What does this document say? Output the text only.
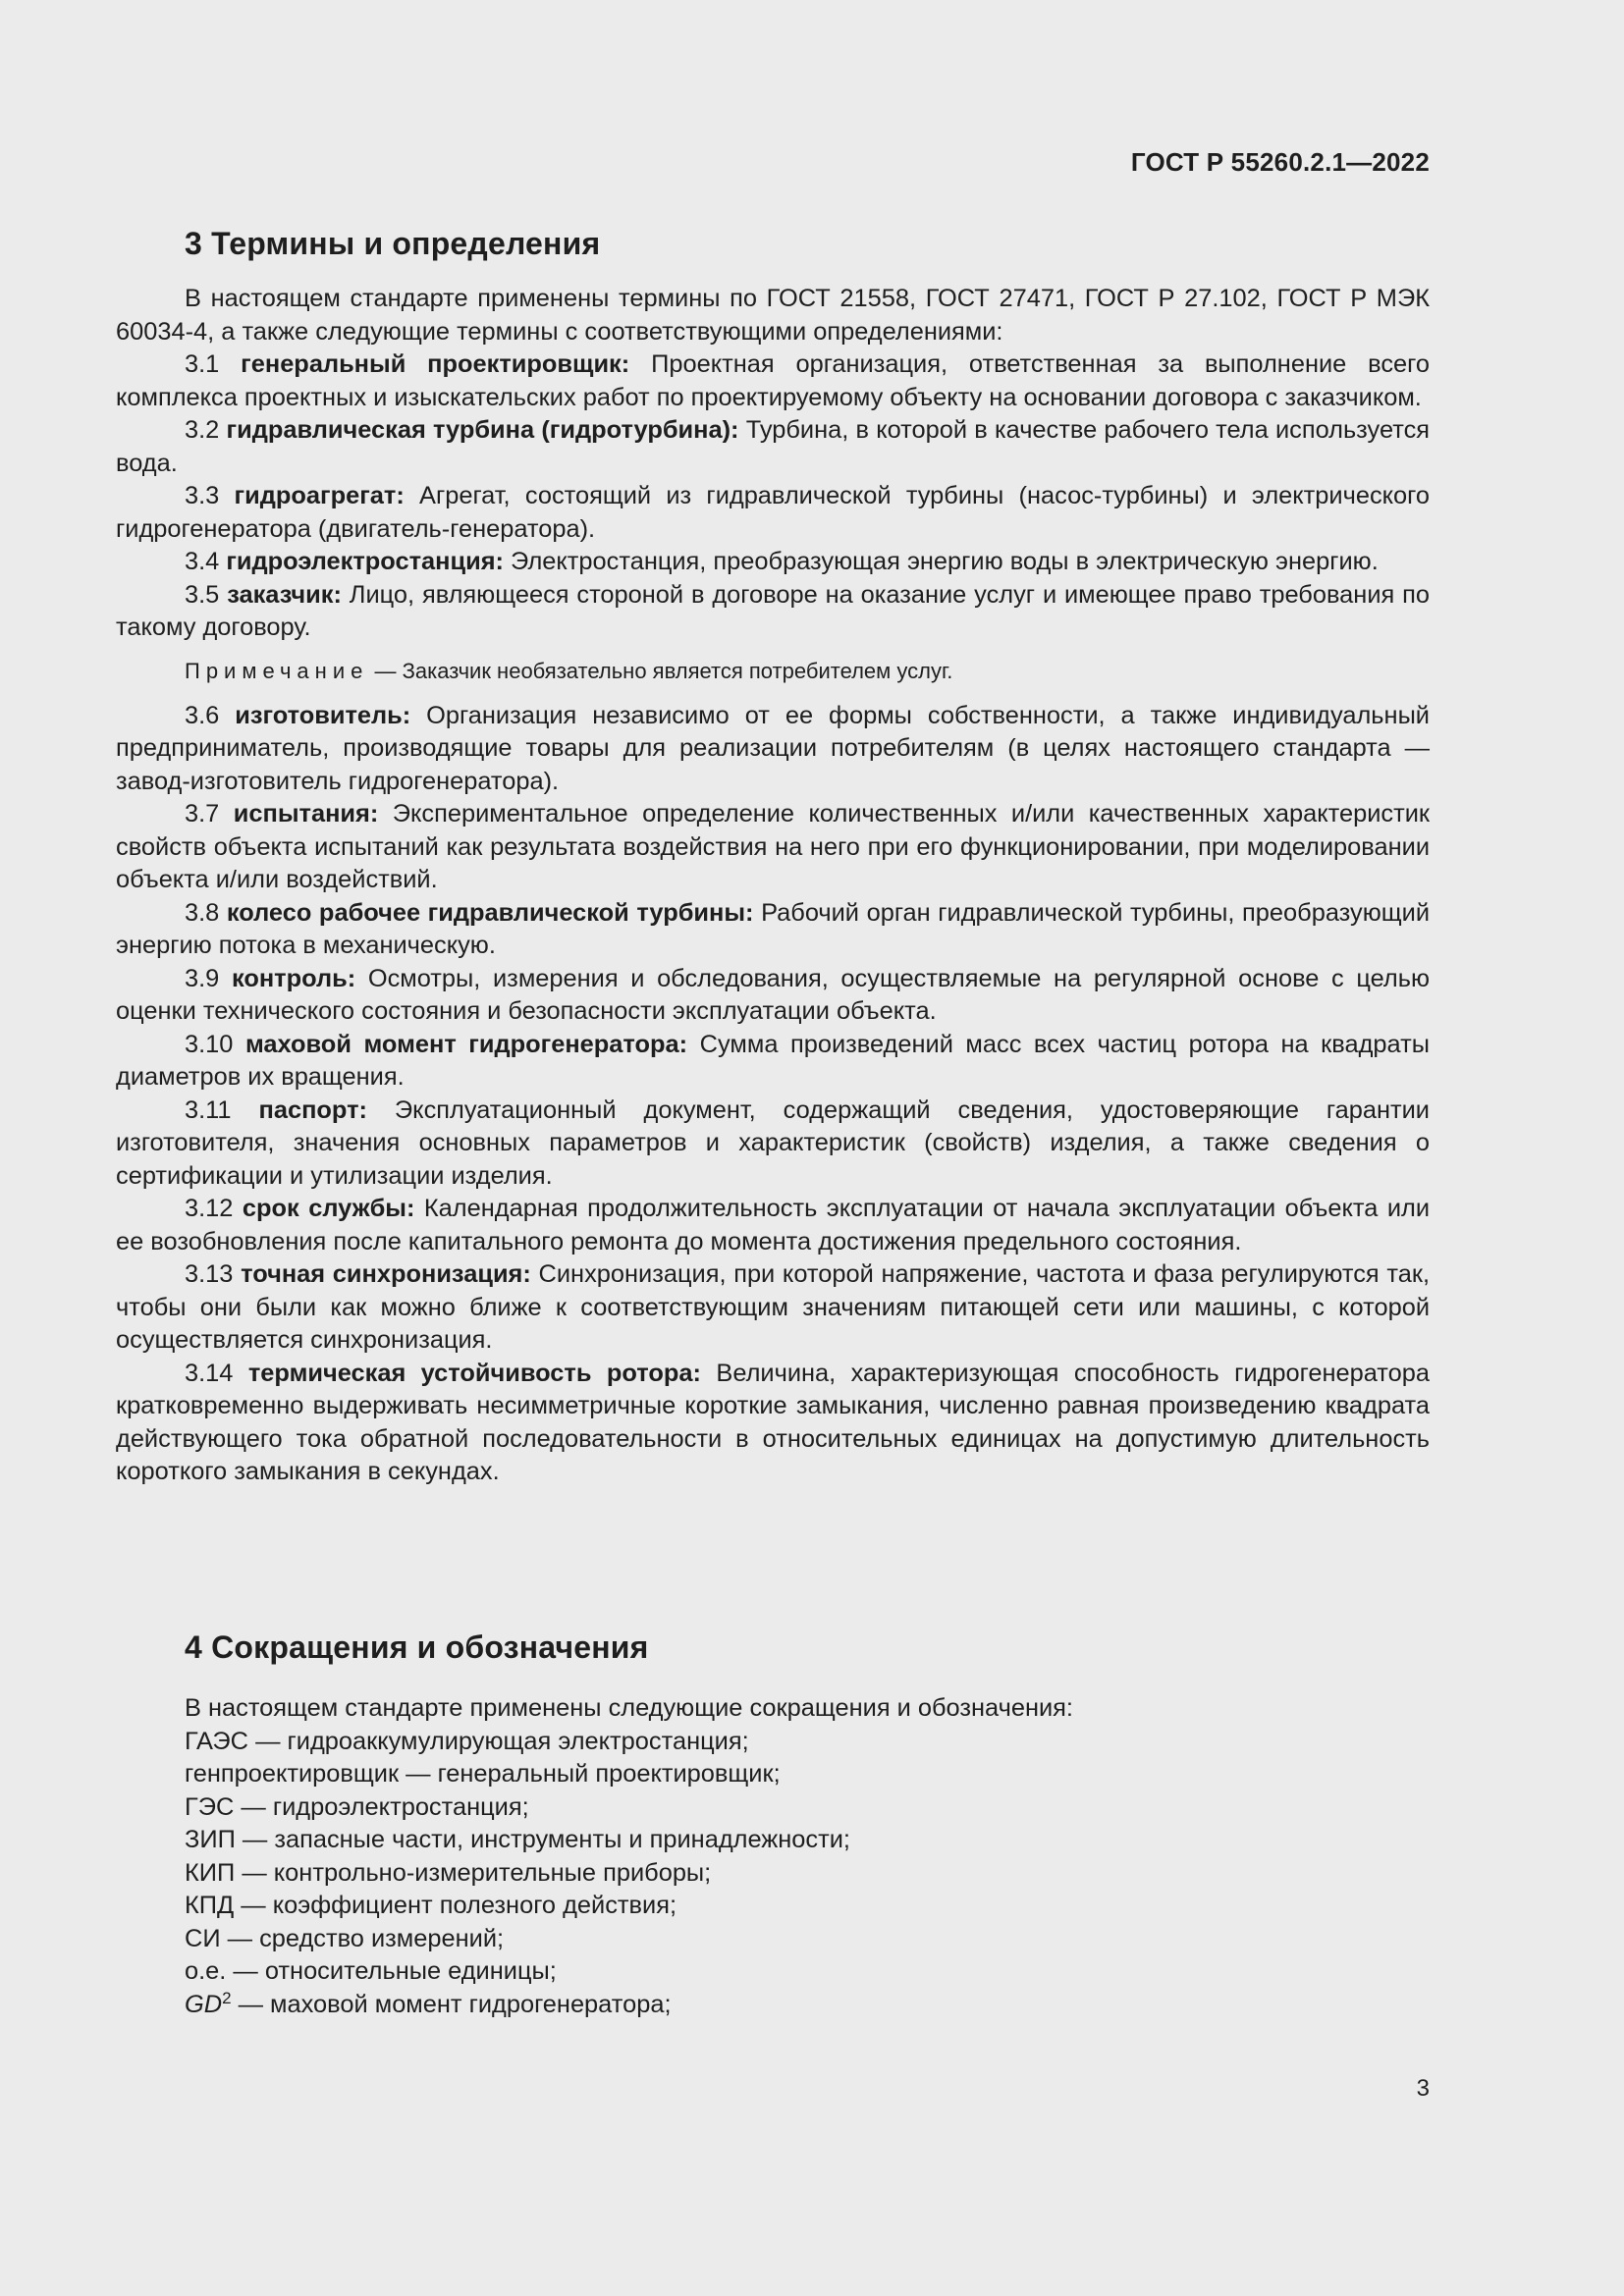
ГОСТ Р 55260.2.1—2022
3 Термины и определения

В настоящем стандарте применены термины по ГОСТ 21558, ГОСТ 27471, ГОСТ Р 27.102, ГОСТ Р МЭК 60034-4, а также следующие термины с соответствующими определениями:

3.1 генеральный проектировщик: Проектная организация, ответственная за выполнение всего комплекса проектных и изыскательских работ по проектируемому объекту на основании договора с заказчиком.

3.2 гидравлическая турбина (гидротурбина): Турбина, в которой в качестве рабочего тела используется вода.

3.3 гидроагрегат: Агрегат, состоящий из гидравлической турбины (насос-турбины) и электрического гидрогенератора (двигатель-генератора).

3.4 гидроэлектростанция: Электростанция, преобразующая энергию воды в электрическую энергию.

3.5 заказчик: Лицо, являющееся стороной в договоре на оказание услуг и имеющее право требования по такому договору.

Примечание — Заказчик необязательно является потребителем услуг.

3.6 изготовитель: Организация независимо от ее формы собственности, а также индивидуальный предприниматель, производящие товары для реализации потребителям (в целях настоящего стандарта — завод-изготовитель гидрогенератора).

3.7 испытания: Экспериментальное определение количественных и/или качественных характеристик свойств объекта испытаний как результата воздействия на него при его функционировании, при моделировании объекта и/или воздействий.

3.8 колесо рабочее гидравлической турбины: Рабочий орган гидравлической турбины, преобразующий энергию потока в механическую.

3.9 контроль: Осмотры, измерения и обследования, осуществляемые на регулярной основе с целью оценки технического состояния и безопасности эксплуатации объекта.

3.10 маховой момент гидрогенератора: Сумма произведений масс всех частиц ротора на квадраты диаметров их вращения.

3.11 паспорт: Эксплуатационный документ, содержащий сведения, удостоверяющие гарантии изготовителя, значения основных параметров и характеристик (свойств) изделия, а также сведения о сертификации и утилизации изделия.

3.12 срок службы: Календарная продолжительность эксплуатации от начала эксплуатации объекта или ее возобновления после капитального ремонта до момента достижения предельного состояния.

3.13 точная синхронизация: Синхронизация, при которой напряжение, частота и фаза регулируются так, чтобы они были как можно ближе к соответствующим значениям питающей сети или машины, с которой осуществляется синхронизация.

3.14 термическая устойчивость ротора: Величина, характеризующая способность гидрогенератора кратковременно выдерживать несимметричные короткие замыкания, численно равная произведению квадрата действующего тока обратной последовательности в относительных единицах на допустимую длительность короткого замыкания в секундах.

4 Сокращения и обозначения

В настоящем стандарте применены следующие сокращения и обозначения:

ГАЭС — гидроаккумулирующая электростанция;

генпроектировщик — генеральный проектировщик;

ГЭС — гидроэлектростанция;

ЗИП — запасные части, инструменты и принадлежности;

КИП — контрольно-измерительные приборы;

КПД — коэффициент полезного действия;

СИ — средство измерений;

о.е. — относительные единицы;

$GD^2$ — маховой момент гидрогенератора;

3
